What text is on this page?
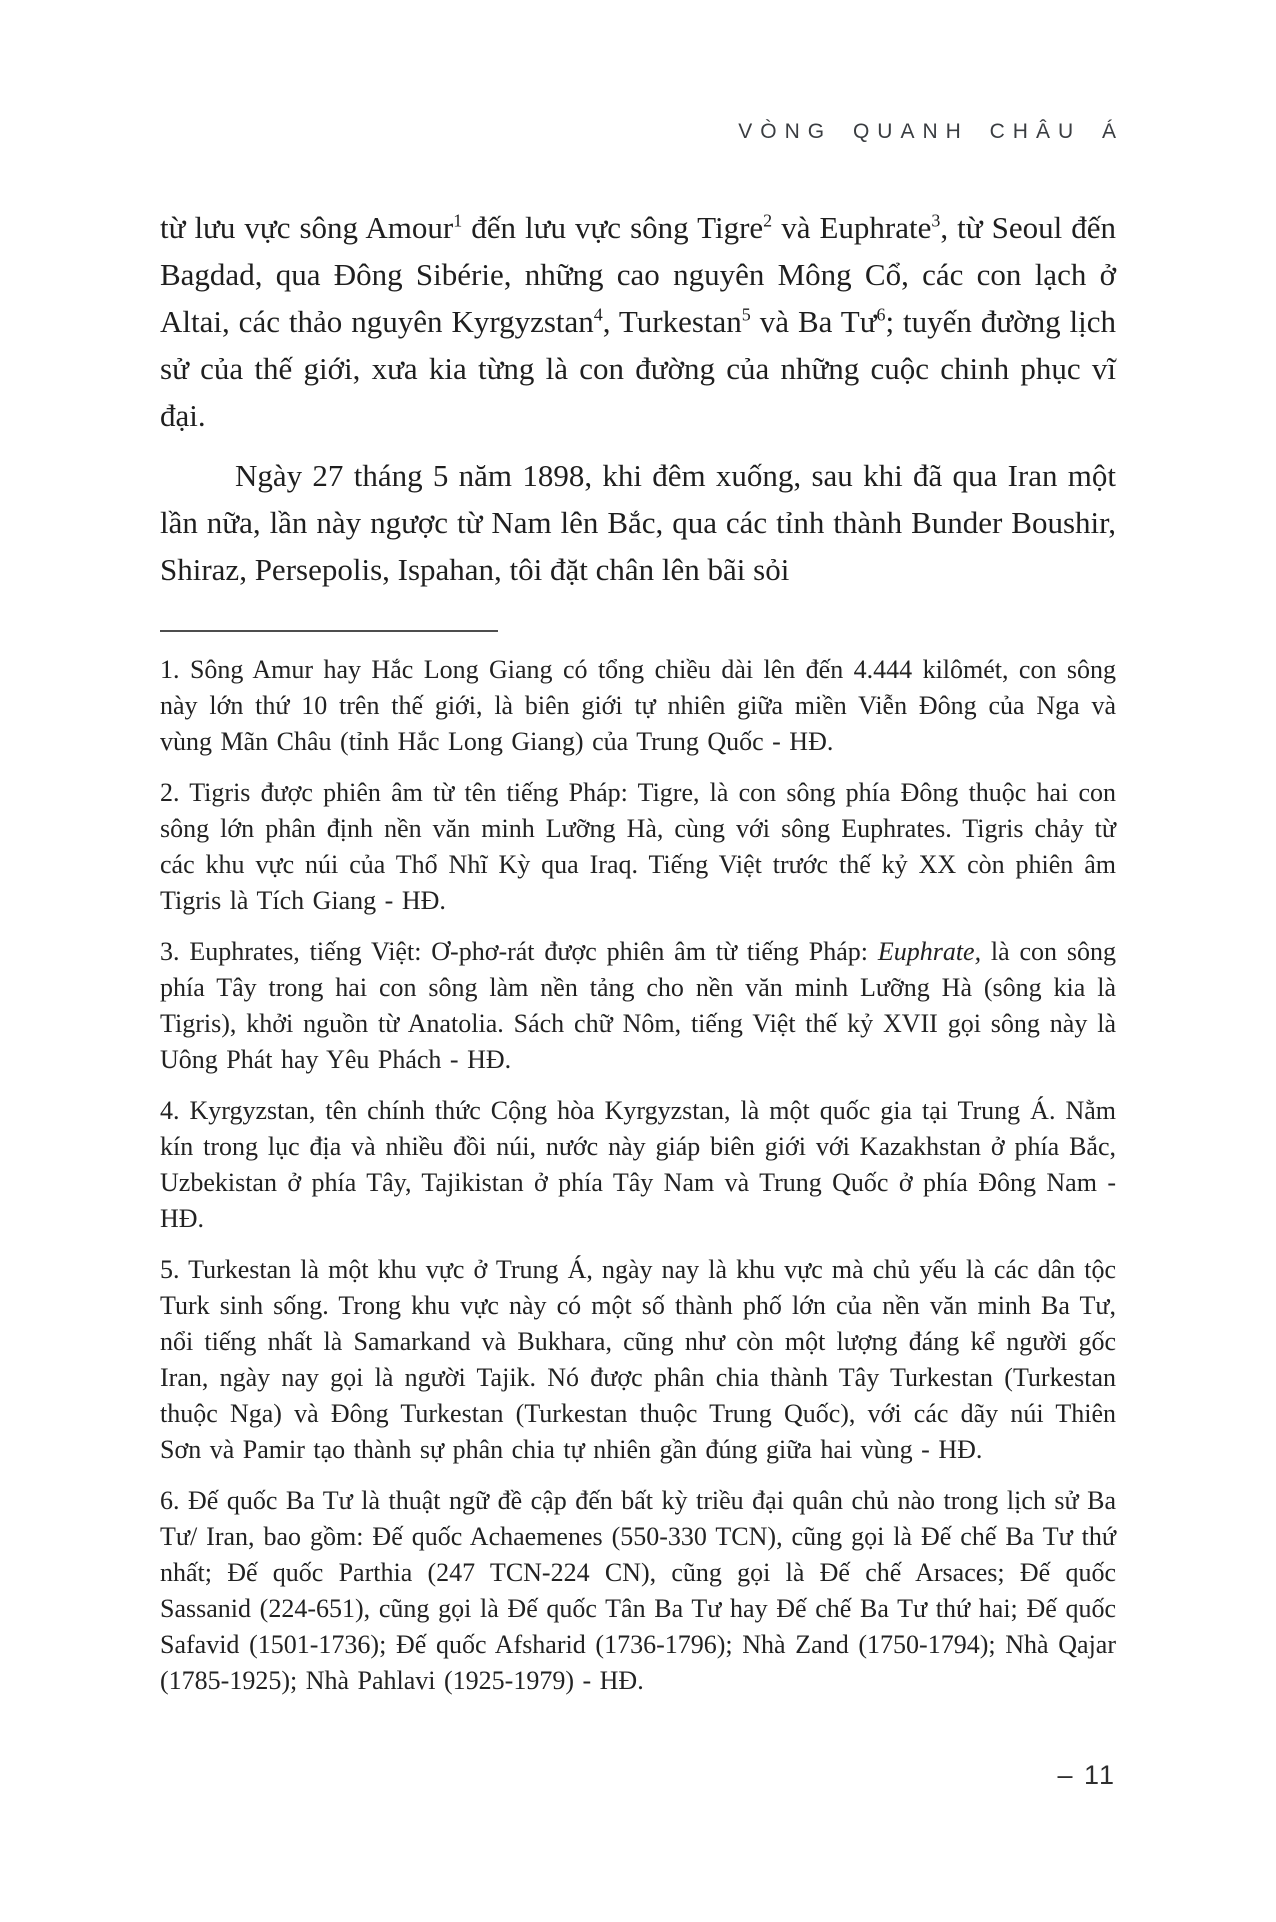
VÒNG QUANH CHÂU Á

từ lưu vực sông Amour$^1$ đến lưu vực sông Tigre$^2$ và Euphrate$^3$, từ Seoul đến Bagdad, qua Đông Sibérie, những cao nguyên Mông Cổ, các con lạch ở Altai, các thảo nguyên Kyrgyzstan$^4$, Turkestan$^5$ và Ba $Tư^6$; tuyến đường lịch sử của thế giới, xưa kia từng là con đường của những cuộc chinh phục vĩ đại.

Ngày 27 tháng 5 năm 1898, khi đêm xuống, sau khi đã qua Iran một lần nữa, lần này ngược từ Nam lên Bắc, qua các tỉnh thành Bunder Boushir, Shiraz, Persepolis, Ispahan, tôi đặt chân lên bãi sỏi

1. Sông Amur hay Hắc Long Giang có tổng chiều dài lên đến 4.444 kilômét, con sông này lớn thứ 10 trên thế giới, là biên giới tự nhiên giữa miền Viễn Đông của Nga và vùng Mãn Châu (tỉnh Hắc Long Giang) của Trung Quốc - HĐ.

2. Tigris được phiên âm từ tên tiếng Pháp: Tigre, là con sông phía Đông thuộc hai con sông lớn phân định nền văn minh Lưỡng Hà, cùng với sông Euphrates. Tigris chảy từ các khu vực núi của Thổ Nhĩ Kỳ qua Iraq. Tiếng Việt trước thế kỷ XX còn phiên âm Tigris là Tích Giang - HĐ.

3. Euphrates, tiếng Việt: Ơ-phơ-rát được phiên âm từ tiếng Pháp: Euphrate, là con sông phía Tây trong hai con sông làm nền tảng cho nền văn minh Lưỡng Hà (sông kia là Tigris), khởi nguồn từ Anatolia. Sách chữ Nôm, tiếng Việt thế kỷ XVII gọi sông này là Uông Phát hay Yêu Phách - HĐ.

4. Kyrgyzstan, tên chính thức Cộng hòa Kyrgyzstan, là một quốc gia tại Trung Á. Nằm kín trong lục địa và nhiều đồi núi, nước này giáp biên giới với Kazakhstan ở phía Bắc, Uzbekistan ở phía Tây, Tajikistan ở phía Tây Nam và Trung Quốc ở phía Đông Nam - HĐ.

5. Turkestan là một khu vực ở Trung Á, ngày nay là khu vực mà chủ yếu là các dân tộc Turk sinh sống. Trong khu vực này có một số thành phố lớn của nền văn minh Ba Tư, nổi tiếng nhất là Samarkand và Bukhara, cũng như còn một lượng đáng kể người gốc Iran, ngày nay gọi là người Tajik. Nó được phân chia thành Tây Turkestan (Turkestan thuộc Nga) và Đông Turkestan (Turkestan thuộc Trung Quốc), với các dãy núi Thiên Sơn và Pamir tạo thành sự phân chia tự nhiên gần đúng giữa hai vùng - HĐ.

6. Đế quốc Ba Tư là thuật ngữ đề cập đến bất kỳ triều đại quân chủ nào trong lịch sử Ba Tư/ Iran, bao gồm: Đế quốc Achaemenes (550-330 TCN), cũng gọi là Đế chế Ba Tư thứ nhất; Đế quốc Parthia (247 TCN-224 CN), cũng gọi là Đế chế Arsaces; Đế quốc Sassanid (224-651), cũng gọi là Đế quốc Tân Ba Tư hay Đế chế Ba Tư thứ hai; Đế quốc Safavid (1501-1736); Đế quốc Afsharid (1736-1796); Nhà Zand (1750-1794); Nhà Qajar (1785-1925); Nhà Pahlavi (1925-1979) - HĐ.

– 11
